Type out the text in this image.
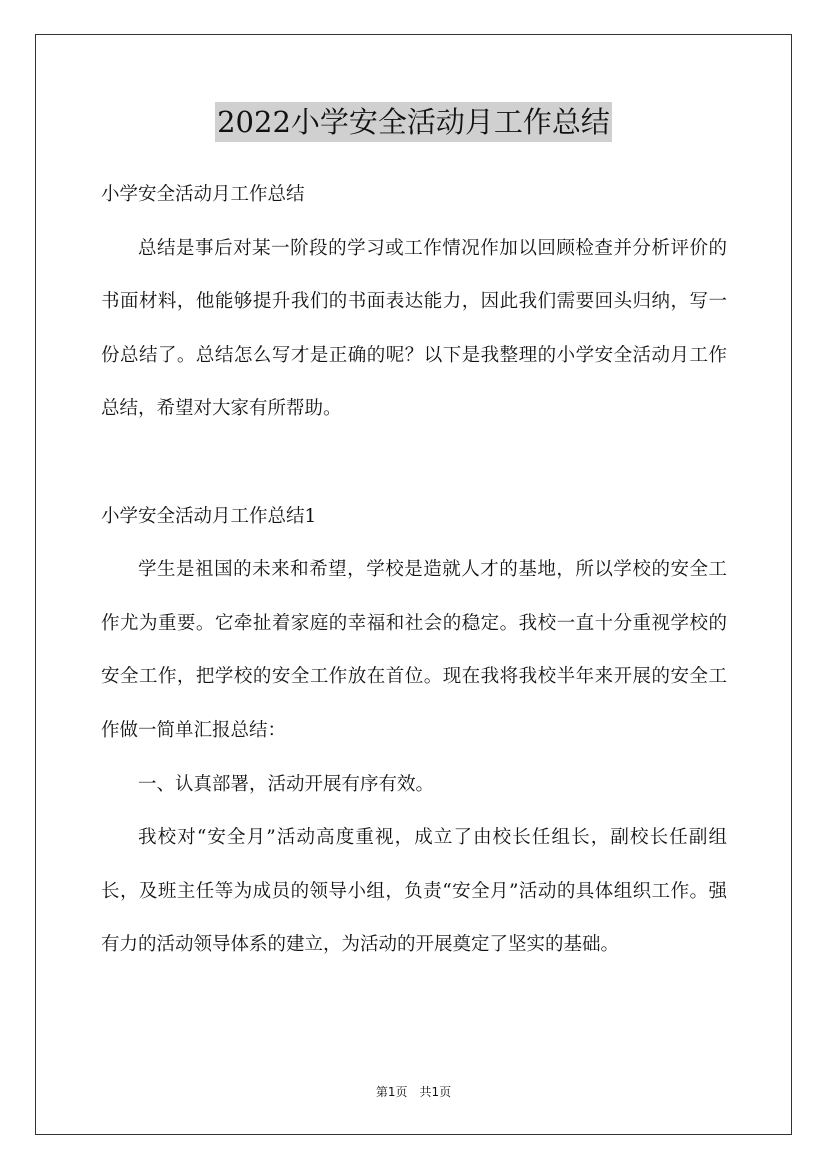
2022小学安全活动月工作总结

小学安全活动月工作总结

总结是事后对某一阶段的学习或工作情况作加以回顾检查并分析评价的书面材料，他能够提升我们的书面表达能力，因此我们需要回头归纳，写一份总结了。总结怎么写才是正确的呢？以下是我整理的小学安全活动月工作总结，希望对大家有所帮助。

小学安全活动月工作总结1

学生是祖国的未来和希望，学校是造就人才的基地，所以学校的安全工作尤为重要。它牵扯着家庭的幸福和社会的稳定。我校一直十分重视学校的安全工作，把学校的安全工作放在首位。现在我将我校半年来开展的安全工作做一简单汇报总结：

一、认真部署，活动开展有序有效。

我校对“安全月”活动高度重视，成立了由校长任组长，副校长任副组长，及班主任等为成员的领导小组，负责“安全月”活动的具体组织工作。强有力的活动领导体系的建立，为活动的开展奠定了坚实的基础。

第1页 共1页
